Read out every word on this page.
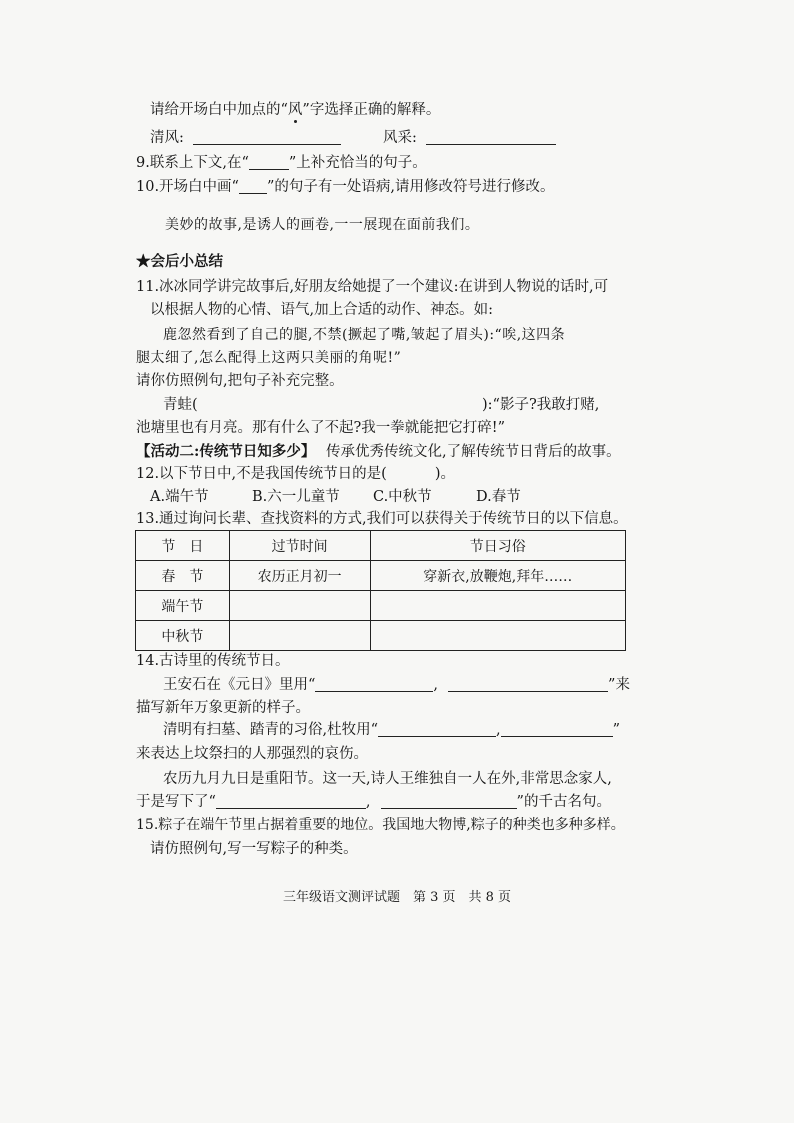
请给开场白中加点的“风”字选择正确的解释。
清风:	风采:
9.联系上下文,在“	”上补充恰当的句子。
10.开场白中画“ ”的句子有一处语病,请用修改符号进行修改。
美妙的故事,是诱人的画卷,一一展现在面前我们。
★会后小总结
11.冰冰同学讲完故事后,好朋友给她提了一个建议:在讲到人物说的话时,可
以根据人物的心情、语气,加上合适的动作、神态。如:
鹿忽然看到了自己的腿,不禁(撅起了嘴,皱起了眉头):“唉,这四条
腿太细了,怎么配得上这两只美丽的角呢!”
请你仿照例句,把句子补充完整。
青蛙(	):“影子?我敢打赌,
池塘里也有月亮。那有什么了不起?我一拳就能把它打碎!”
【活动二:传统节日知多少】 传承优秀传统文化,了解传统节日背后的故事。
12.以下节日中,不是我国传统节日的是(	)。
A.端午节	B.六一儿童节 C.中秋节	D.春节
13.通过询问长辈、查找资料的方式,我们可以获得关于传统节日的以下信息。
节　日	过节时间	节日习俗
春　节	农历正月初一	穿新衣,放鞭炮,拜年……
端午节		
中秋节		
14.古诗里的传统节日。
王安石在《元日》里用“	,	”来
描写新年万象更新的样子。
清明有扫墓、踏青的习俗,杜牧用“	,	”
来表达上坟祭扫的人那强烈的哀伤。
农历九月九日是重阳节。这一天,诗人王维独自一人在外,非常思念家人,
于是写下了“	,	”的千古名句。
15.粽子在端午节里占据着重要的地位。我国地大物博,粽子的种类也多种多样。
请仿照例句,写一写粽子的种类。
三年级语文测评试题　第 3 页　共 8 页
